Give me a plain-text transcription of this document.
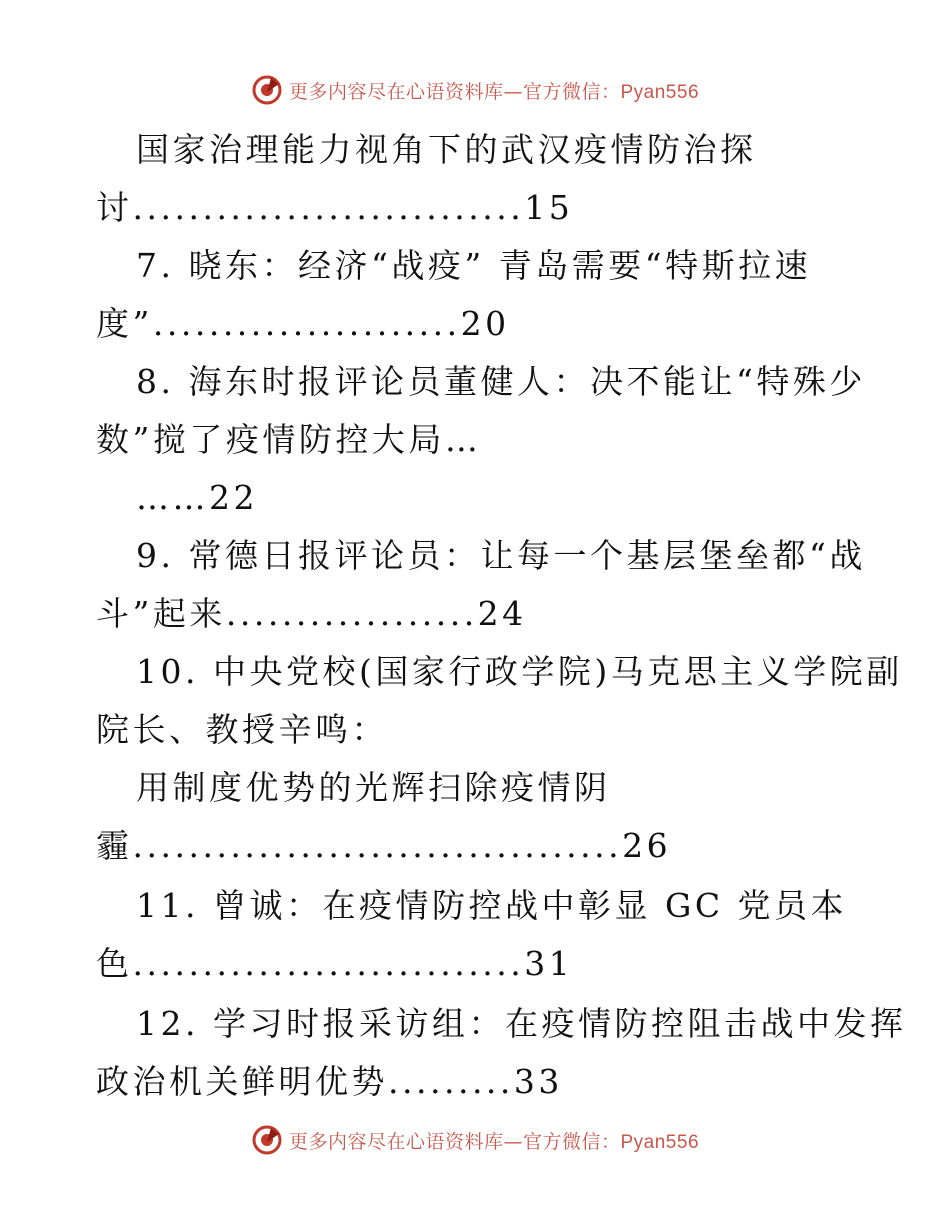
更多内容尽在心语资料库—官方微信：Pyan556
国家治理能力视角下的武汉疫情防治探
讨............................15
7. 晓东：经济“战疫” 青岛需要“特斯拉速
度”......................20
8. 海东时报评论员董健人：决不能让“特殊少
数”搅了疫情防控大局…
……22
9. 常德日报评论员：让每一个基层堡垒都“战
斗”起来..................24
10. 中央党校(国家行政学院)马克思主义学院副
院长、教授辛鸣：
用制度优势的光辉扫除疫情阴
霾...................................26
11. 曾诚：在疫情防控战中彰显 GC 党员本
色............................31
12. 学习时报采访组：在疫情防控阻击战中发挥
政治机关鲜明优势.........33
更多内容尽在心语资料库—官方微信：Pyan556
